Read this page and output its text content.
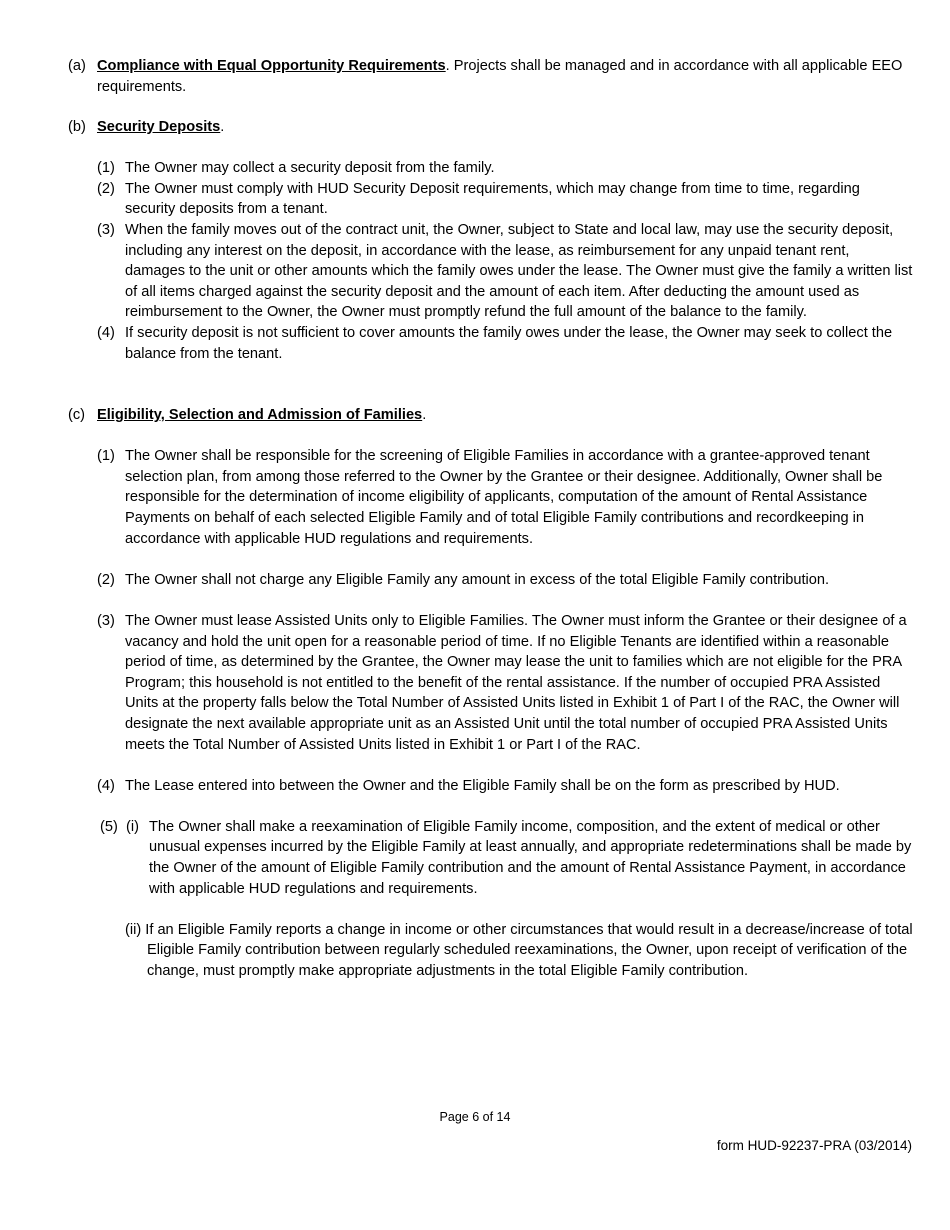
(a) Compliance with Equal Opportunity Requirements. Projects shall be managed and in accordance with all applicable EEO requirements.
(b) Security Deposits.
(1) The Owner may collect a security deposit from the family.
(2) The Owner must comply with HUD Security Deposit requirements, which may change from time to time, regarding security deposits from a tenant.
(3) When the family moves out of the contract unit, the Owner, subject to State and local law, may use the security deposit, including any interest on the deposit, in accordance with the lease, as reimbursement for any unpaid tenant rent, damages to the unit or other amounts which the family owes under the lease. The Owner must give the family a written list of all items charged against the security deposit and the amount of each item. After deducting the amount used as reimbursement to the Owner, the Owner must promptly refund the full amount of the balance to the family.
(4) If security deposit is not sufficient to cover amounts the family owes under the lease, the Owner may seek to collect the balance from the tenant.
(c) Eligibility, Selection and Admission of Families.
(1) The Owner shall be responsible for the screening of Eligible Families in accordance with a grantee-approved tenant selection plan, from among those referred to the Owner by the Grantee or their designee. Additionally, Owner shall be responsible for the determination of income eligibility of applicants, computation of the amount of Rental Assistance Payments on behalf of each selected Eligible Family and of total Eligible Family contributions and recordkeeping in accordance with applicable HUD regulations and requirements.
(2) The Owner shall not charge any Eligible Family any amount in excess of the total Eligible Family contribution.
(3) The Owner must lease Assisted Units only to Eligible Families. The Owner must inform the Grantee or their designee of a vacancy and hold the unit open for a reasonable period of time. If no Eligible Tenants are identified within a reasonable period of time, as determined by the Grantee, the Owner may lease the unit to families which are not eligible for the PRA Program; this household is not entitled to the benefit of the rental assistance. If the number of occupied PRA Assisted Units at the property falls below the Total Number of Assisted Units listed in Exhibit 1 of Part I of the RAC, the Owner will designate the next available appropriate unit as an Assisted Unit until the total number of occupied PRA Assisted Units meets the Total Number of Assisted Units listed in Exhibit 1 or Part I of the RAC.
(4) The Lease entered into between the Owner and the Eligible Family shall be on the form as prescribed by HUD.
(5) (i) The Owner shall make a reexamination of Eligible Family income, composition, and the extent of medical or other unusual expenses incurred by the Eligible Family at least annually, and appropriate redeterminations shall be made by the Owner of the amount of Eligible Family contribution and the amount of Rental Assistance Payment, in accordance with applicable HUD regulations and requirements.
(ii) If an Eligible Family reports a change in income or other circumstances that would result in a decrease/increase of total Eligible Family contribution between regularly scheduled reexaminations, the Owner, upon receipt of verification of the change, must promptly make appropriate adjustments in the total Eligible Family contribution.
Page 6 of 14
form HUD-92237-PRA (03/2014)
